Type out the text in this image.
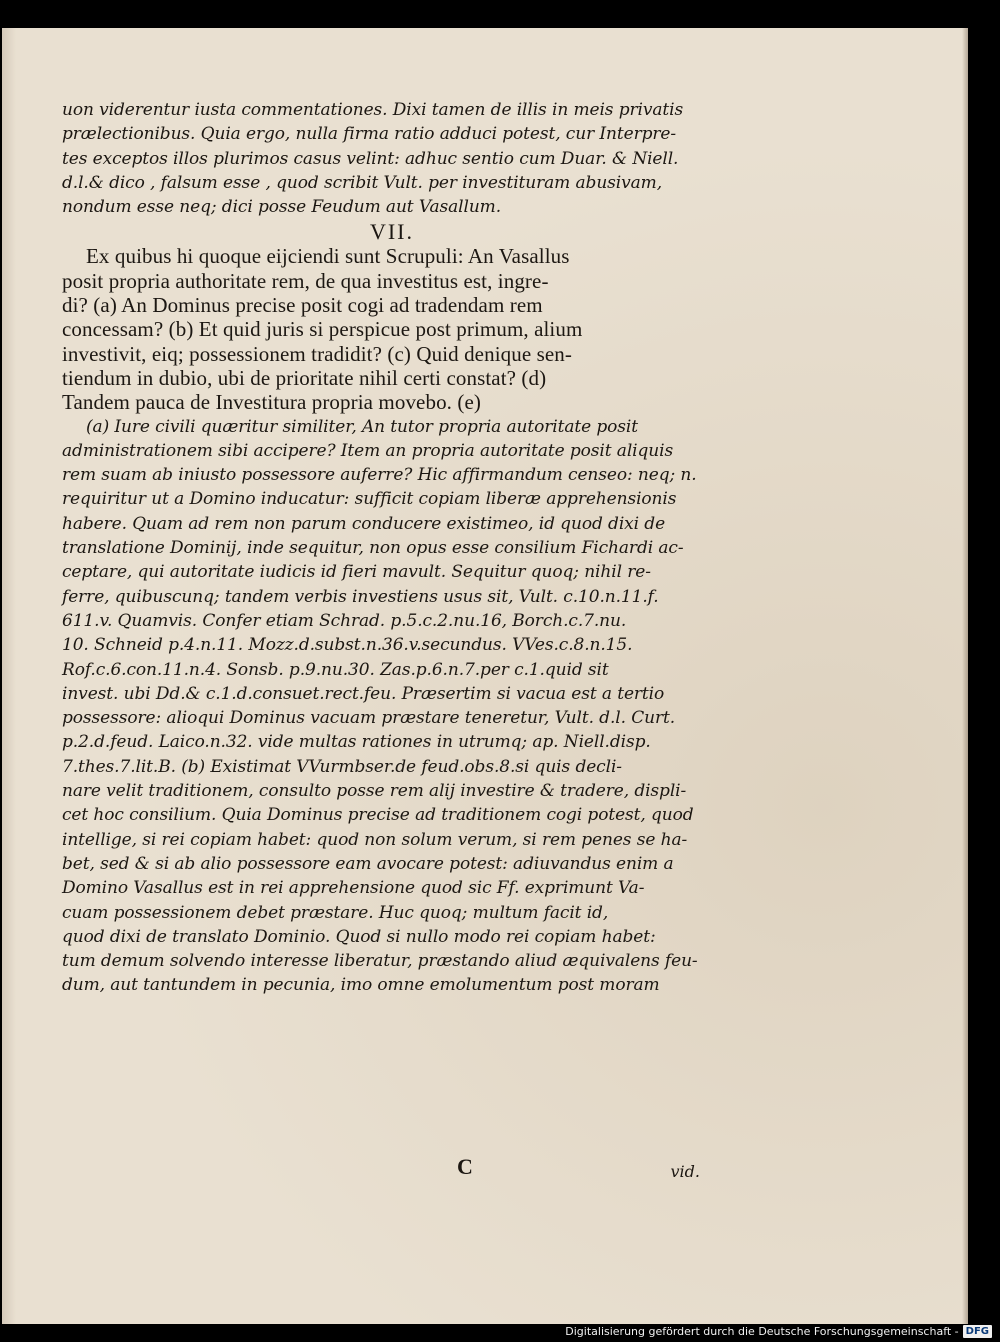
uon viderentur iusta commentationes. Dixi tamen de illis in meis privatis
prælectionibus. Quia ergo, nulla firma ratio adduci potest, cur Interpre-
tes exceptos illos plurimos casus velint: adhuc sentio cum Duar. & Niell.
d.l.& dico , falsum esse , quod scribit Vult. per investituram abusivam,
nondum esse neq; dici posse Feudum aut Vasallum.
VII.
Ex quibus hi quoque eijciendi sunt Scrupuli: An Vasallus
posit propria authoritate rem, de qua investitus est, ingre-
di? (a) An Dominus precise posit cogi ad tradendam rem
concessam? (b) Et quid juris si perspicue post primum, alium
investivit, eiq; possessionem tradidit? (c) Quid denique sen-
tiendum in dubio, ubi de prioritate nihil certi constat? (d)
Tandem pauca de Investitura propria movebo. (e)
(a) Iure civili quæritur similiter, An tutor propria autoritate posit
administrationem sibi accipere? Item an propria autoritate posit aliquis
rem suam ab iniusto possessore auferre? Hic affirmandum censeo: neq; n.
requiritur ut a Domino inducatur: sufficit copiam liberæ apprehensionis
habere. Quam ad rem non parum conducere existimeo, id quod dixi de
translatione Dominij, inde sequitur, non opus esse consilium Fichardi ac-
ceptare, qui autoritate iudicis id fieri mavult. Sequitur quoq; nihil re-
ferre, quibuscunq; tandem verbis investiens usus sit, Vult. c.10.n.11.f.
611.v. Quamvis. Confer etiam Schrad. p.5.c.2.nu.16, Borch.c.7.nu.
10. Schneid p.4.n.11. Mozz.d.subst.n.36.v.secundus. VVes.c.8.n.15.
Rof.c.6.con.11.n.4. Sonsb. p.9.nu.30. Zas.p.6.n.7.per c.1.quid sit
invest. ubi Dd.& c.1.d.consuet.rect.feu. Præsertim si vacua est a tertio
possessore: alioqui Dominus vacuam præstare teneretur, Vult. d.l. Curt.
p.2.d.feud. Laico.n.32. vide multas rationes in utrumq; ap. Niell.disp.
7.thes.7.lit.B. (b) Existimat VVurmbser.de feud.obs.8.si quis decli-
nare velit traditionem, consulto posse rem alij investire & tradere, displi-
cet hoc consilium. Quia Dominus precise ad traditionem cogi potest, quod
intellige, si rei copiam habet: quod non solum verum, si rem penes se ha-
bet, sed & si ab alio possessore eam avocare potest: adiuvandus enim a
Domino Vasallus est in rei apprehensione quod sic Ff. exprimunt Va-
cuam possessionem debet præstare. Huc quoq; multum facit id,
quod dixi de translato Dominio. Quod si nullo modo rei copiam habet:
tum demum solvendo interesse liberatur, præstando aliud æquivalens feu-
dum, aut tantundem in pecunia, imo omne emolumentum post moram
C	vid.
Digitalisierung gefördert durch die Deutsche Forschungsgemeinschaft - DFG
